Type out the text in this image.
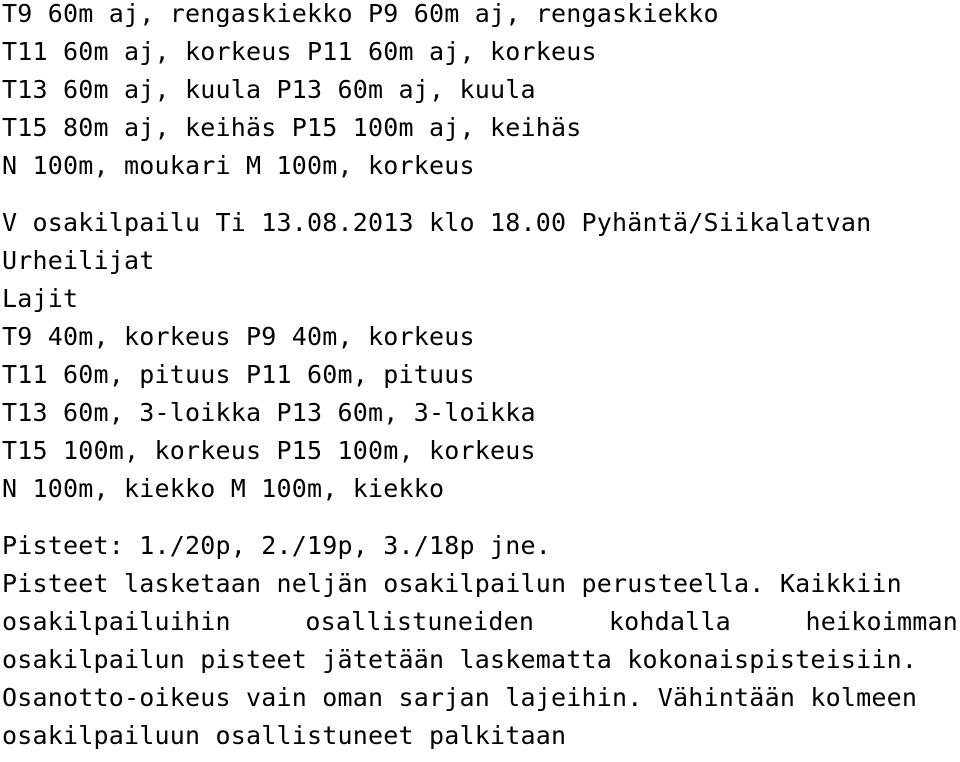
T9 60m aj, rengaskiekko P9 60m aj, rengaskiekko
T11 60m aj, korkeus P11 60m aj, korkeus
T13 60m aj, kuula P13 60m aj, kuula
T15 80m aj, keihäs P15 100m aj, keihäs
N 100m, moukari M 100m, korkeus
V osakilpailu Ti 13.08.2013 klo 18.00 Pyhäntä/Siikalatvan
Urheilijat
Lajit
T9 40m, korkeus P9 40m, korkeus
T11 60m, pituus P11 60m, pituus
T13 60m, 3-loikka P13 60m, 3-loikka
T15 100m, korkeus P15 100m, korkeus
N 100m, kiekko M 100m, kiekko
Pisteet: 1./20p, 2./19p, 3./18p jne.
Pisteet lasketaan neljän osakilpailun perusteella. Kaikkiin
osakilpailuihin	osallistuneiden	kohdalla	heikoimman
osakilpailun pisteet jätetään laskematta kokonaispisteisiin.
Osanotto-oikeus vain oman sarjan lajeihin. Vähintään kolmeen
osakilpailuun osallistuneet palkitaan
